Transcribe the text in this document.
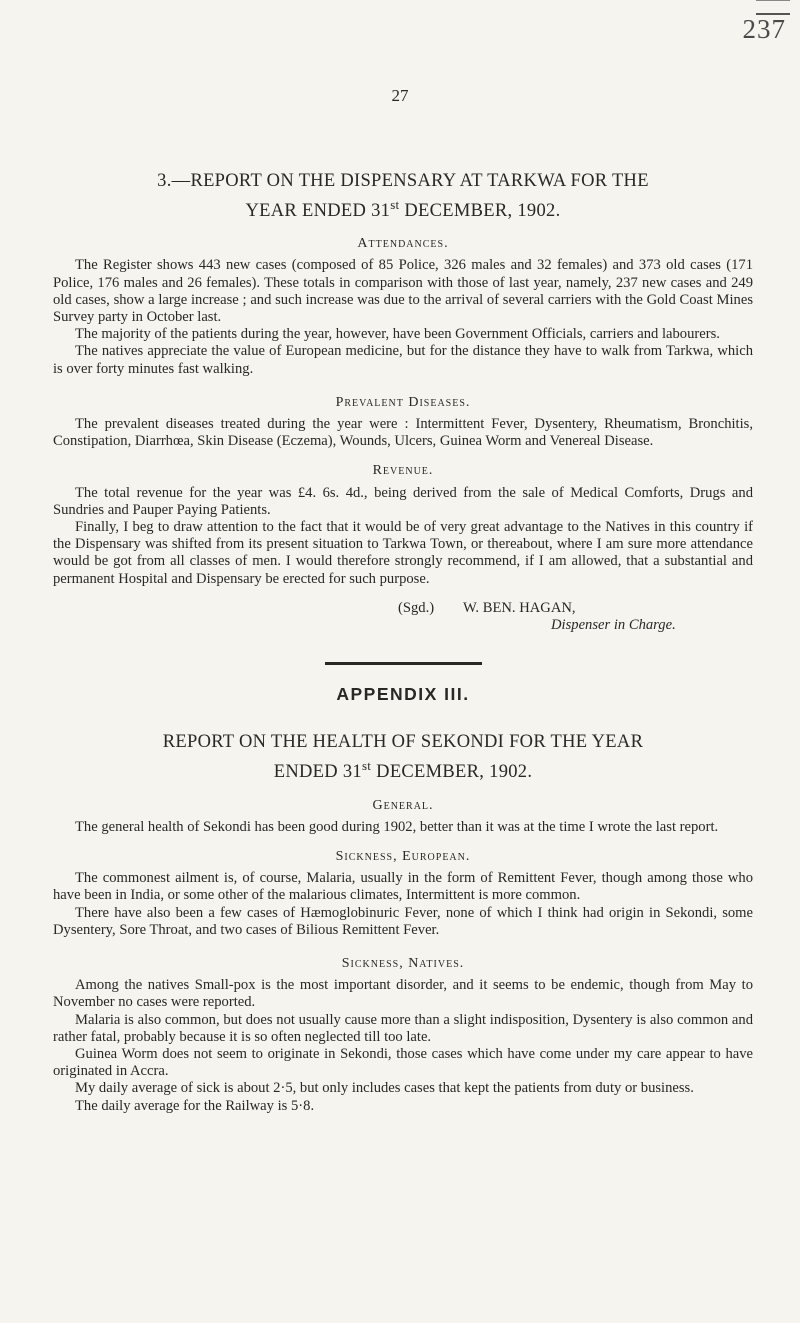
237
27
3.—REPORT ON THE DISPENSARY AT TARKWA FOR THE
YEAR ENDED 31st DECEMBER, 1902.
Attendances.

The Register shows 443 new cases (composed of 85 Police, 326 males and 32 females) and 373 old cases (171 Police, 176 males and 26 females). These totals in comparison with those of last year, namely, 237 new cases and 249 old cases, show a large increase ; and such increase was due to the arrival of several carriers with the Gold Coast Mines Survey party in October last.

The majority of the patients during the year, however, have been Government Officials, carriers and labourers.

The natives appreciate the value of European medicine, but for the distance they have to walk from Tarkwa, which is over forty minutes fast walking.

Prevalent Diseases.

The prevalent diseases treated during the year were : Intermittent Fever, Dysentery, Rheumatism, Bronchitis, Constipation, Diarrhœa, Skin Disease (Eczema), Wounds, Ulcers, Guinea Worm and Venereal Disease.

Revenue.

The total revenue for the year was £4. 6s. 4d., being derived from the sale of Medical Comforts, Drugs and Sundries and Pauper Paying Patients.

Finally, I beg to draw attention to the fact that it would be of very great advantage to the Natives in this country if the Dispensary was shifted from its present situation to Tarkwa Town, or thereabout, where I am sure more attendance would be got from all classes of men. I would therefore strongly recommend, if I am allowed, that a substantial and permanent Hospital and Dispensary be erected for such purpose.

(Sgd.)        W. BEN. HAGAN,
Dispenser in Charge.
APPENDIX III.
REPORT ON THE HEALTH OF SEKONDI FOR THE YEAR
ENDED 31st DECEMBER, 1902.
General.

The general health of Sekondi has been good during 1902, better than it was at the time I wrote the last report.

Sickness, European.

The commonest ailment is, of course, Malaria, usually in the form of Remittent Fever, though among those who have been in India, or some other of the malarious climates, Intermittent is more common.

There have also been a few cases of Hæmoglobinuric Fever, none of which I think had origin in Sekondi, some Dysentery, Sore Throat, and two cases of Bilious Remittent Fever.

Sickness, Natives.

Among the natives Small-pox is the most important disorder, and it seems to be endemic, though from May to November no cases were reported.

Malaria is also common, but does not usually cause more than a slight indisposition, Dysentery is also common and rather fatal, probably because it is so often neglected till too late.

Guinea Worm does not seem to originate in Sekondi, those cases which have come under my care appear to have originated in Accra.

My daily average of sick is about 2·5, but only includes cases that kept the patients from duty or business.

The daily average for the Railway is 5·8.
